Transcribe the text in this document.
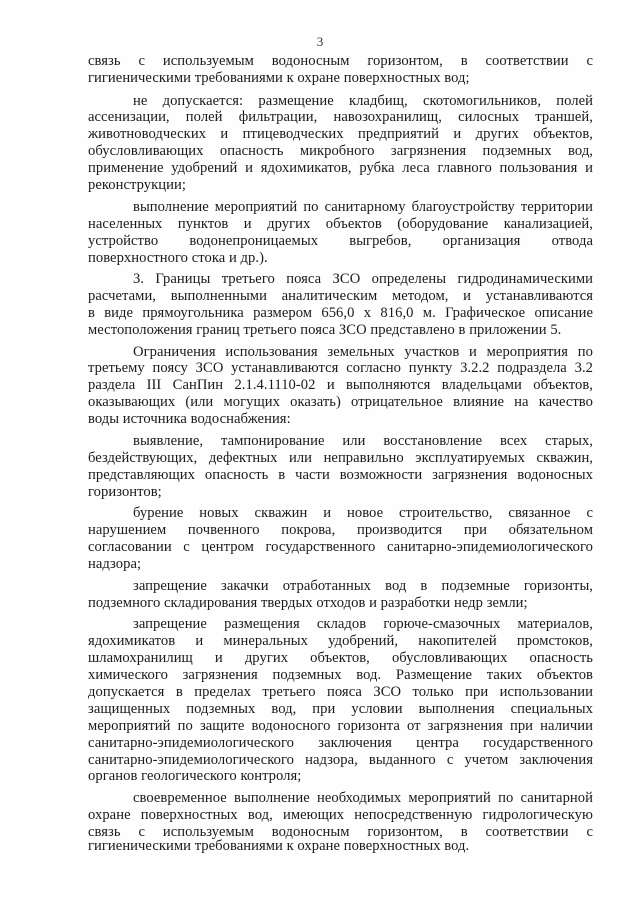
3
связь с используемым водоносным горизонтом, в соответствии с
гигиеническими требованиями к охране поверхностных вод;
не допускается: размещение кладбищ, скотомогильников, полей
ассенизации, полей фильтрации, навозохранилищ, силосных траншей,
животноводческих и птицеводческих предприятий и других объектов,
обусловливающих опасность микробного загрязнения подземных вод,
применение удобрений и ядохимикатов, рубка леса главного пользования и
реконструкции;
выполнение мероприятий по санитарному благоустройству территории
населенных пунктов и других объектов (оборудование канализацией,
устройство водонепроницаемых выгребов, организация отвода
поверхностного стока и др.).
3. Границы третьего пояса ЗСО определены гидродинамическими
расчетами, выполненными аналитическим методом, и устанавливаются
в виде прямоугольника размером 656,0 х 816,0 м. Графическое описание
местоположения границ третьего пояса ЗСО представлено в приложении 5.
Ограничения использования земельных участков и мероприятия по
третьему поясу ЗСО устанавливаются согласно пункту 3.2.2 подраздела 3.2
раздела III СанПин 2.1.4.1110-02 и выполняются владельцами объектов,
оказывающих (или могущих оказать) отрицательное влияние на качество
воды источника водоснабжения:
выявление, тампонирование или восстановление всех старых,
бездействующих, дефектных или неправильно эксплуатируемых скважин,
представляющих опасность в части возможности загрязнения водоносных
горизонтов;
бурение новых скважин и новое строительство, связанное с
нарушением почвенного покрова, производится при обязательном
согласовании с центром государственного санитарно-эпидемиологического
надзора;
запрещение закачки отработанных вод в подземные горизонты,
подземного складирования твердых отходов и разработки недр земли;
запрещение размещения складов горюче-смазочных материалов,
ядохимикатов и минеральных удобрений, накопителей промстоков,
шламохранилищ и других объектов, обусловливающих опасность
химического загрязнения подземных вод. Размещение таких объектов
допускается в пределах третьего пояса ЗСО только при использовании
защищенных подземных вод, при условии выполнения специальных
мероприятий по защите водоносного горизонта от загрязнения при наличии
санитарно-эпидемиологического заключения центра государственного
санитарно-эпидемиологического надзора, выданного с учетом заключения
органов геологического контроля;
своевременное выполнение необходимых мероприятий по санитарной
охране поверхностных вод, имеющих непосредственную гидрологическую
связь с используемым водоносным горизонтом, в соответствии с
гигиеническими требованиями к охране поверхностных вод.
